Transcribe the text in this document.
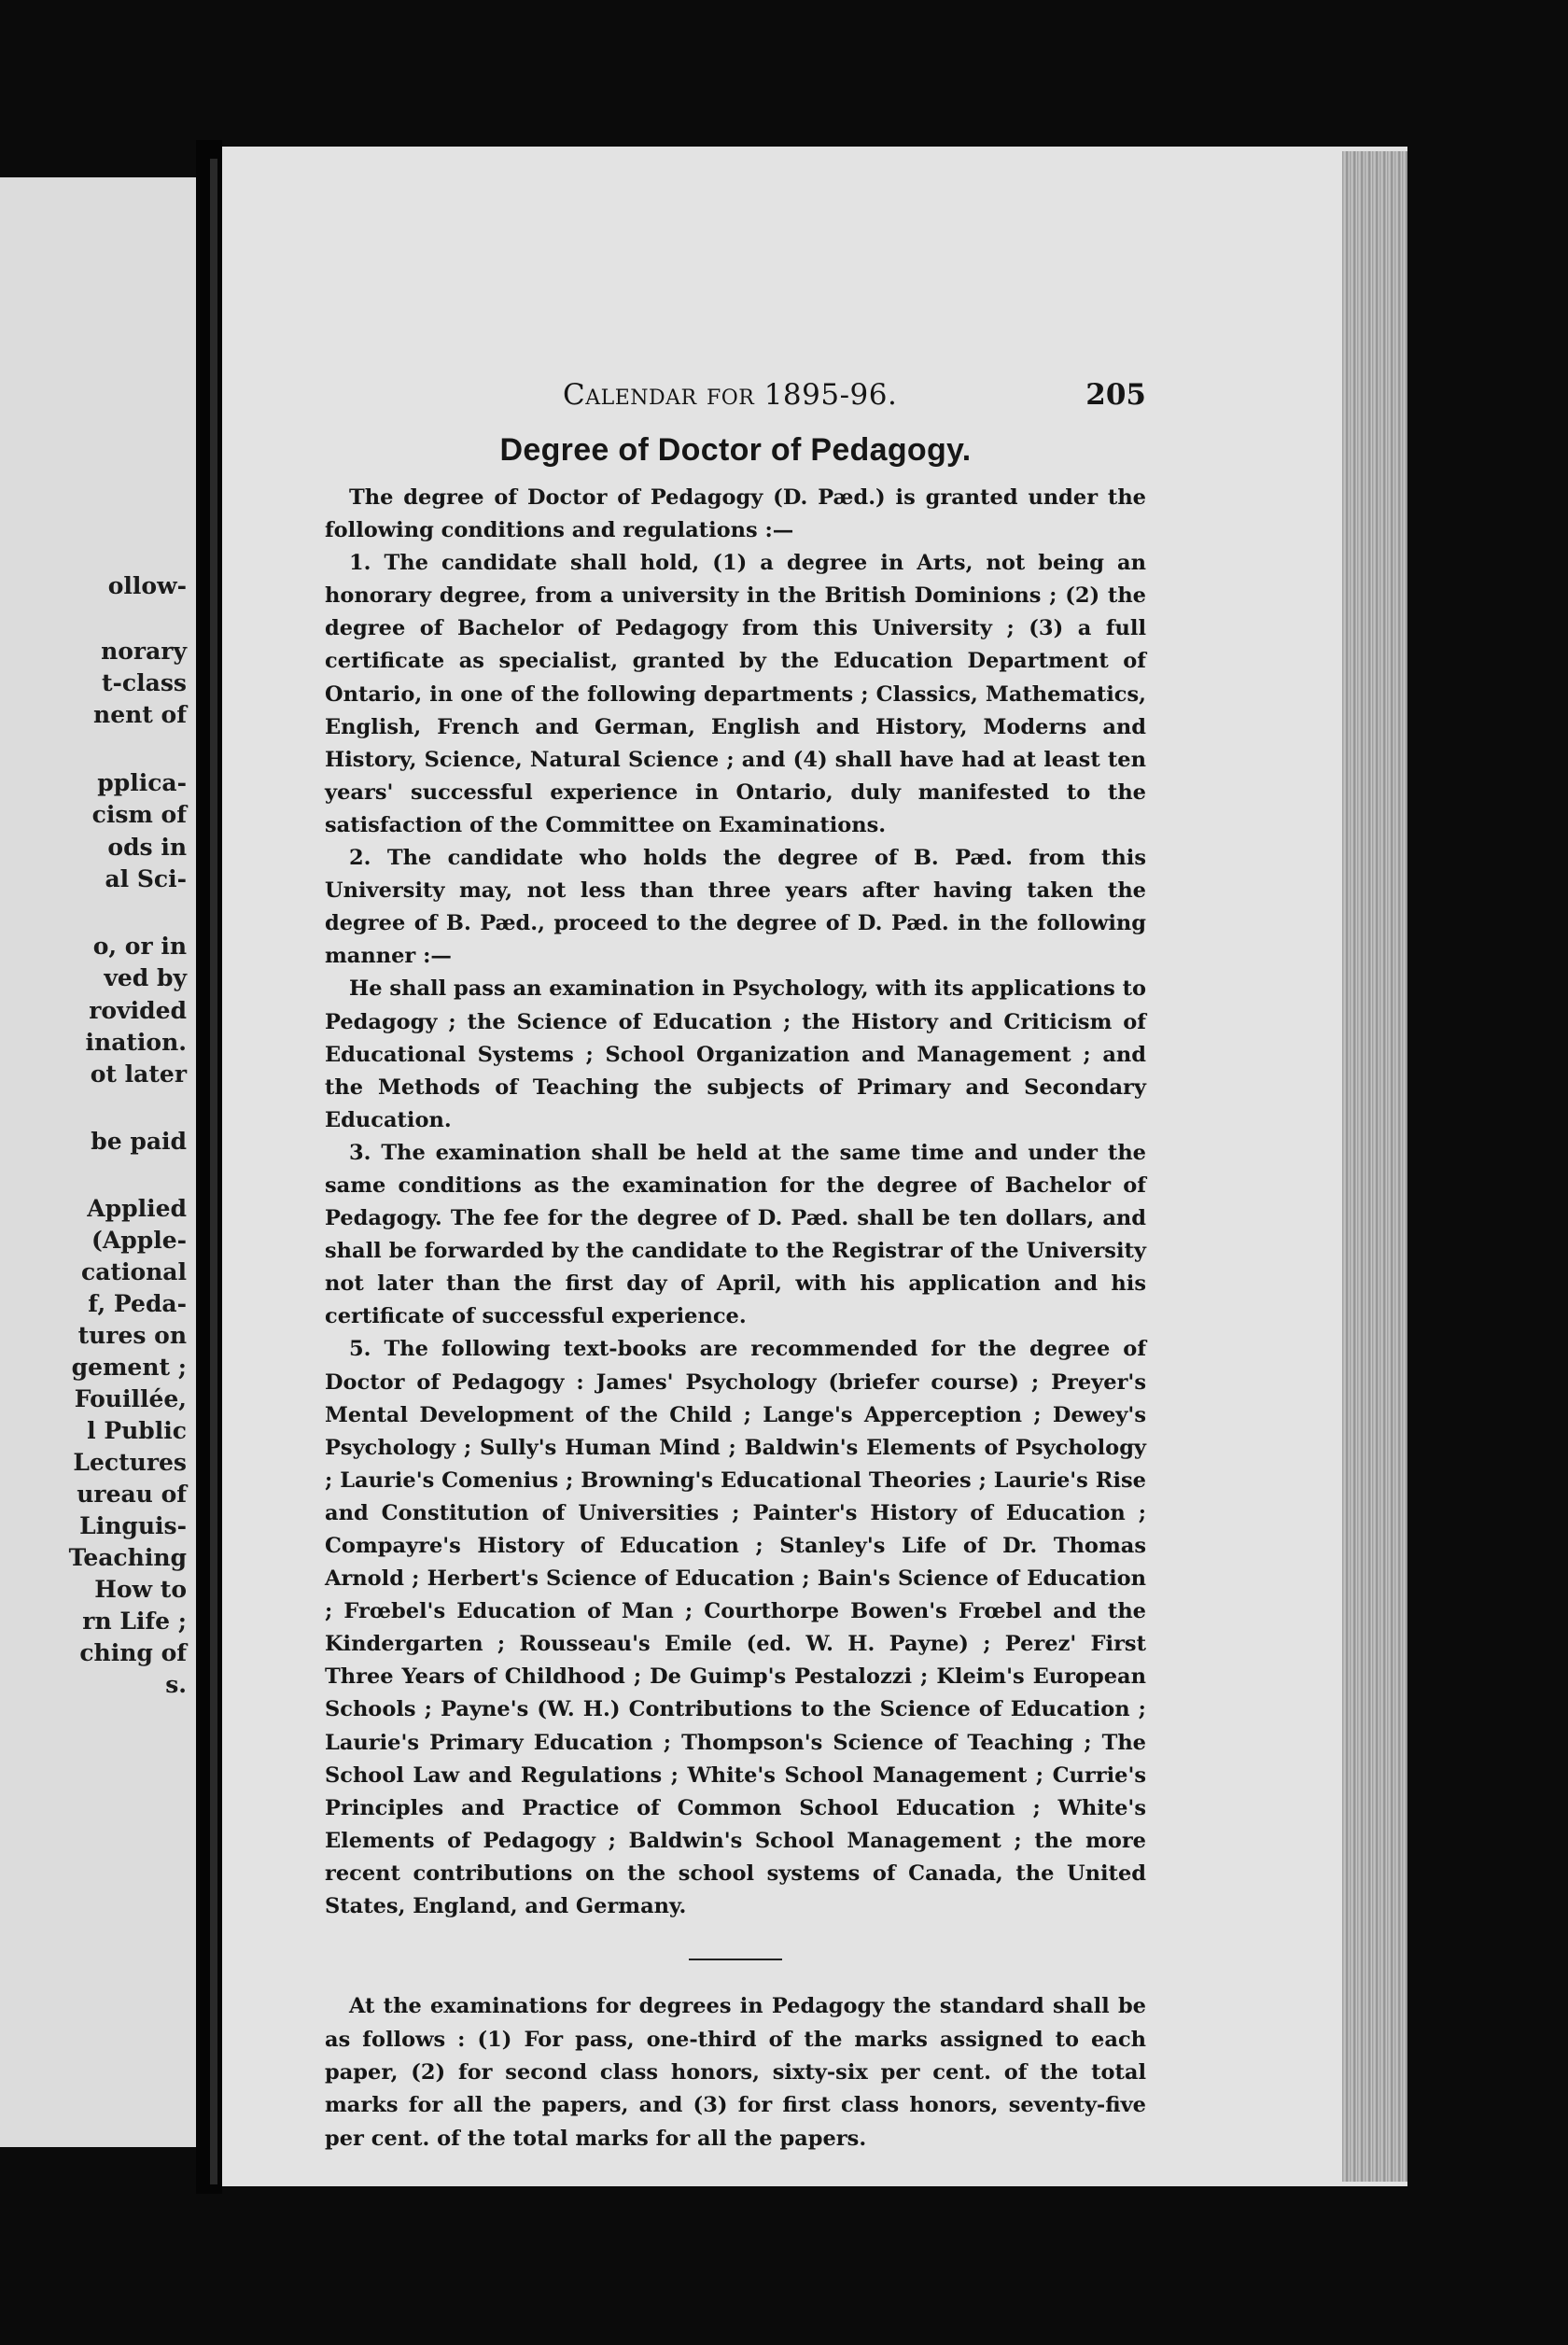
ollow-
norary
t-class
nent of
pplica-
cism of
ods in
al Sci-
o, or in
ved by
rovided
ination.
ot later
be paid
Applied
(Apple-
cational
f, Peda-
tures on
gement ;
Fouillée,
l Public
Lectures
ureau of
Linguis-
Teaching
How to
rn Life ;
ching of
s.
Calendar for 1895-96.	205
Degree of Doctor of Pedagogy.

The degree of Doctor of Pedagogy (D. Pæd.) is granted under the following conditions and regulations :—

1. The candidate shall hold, (1) a degree in Arts, not being an honorary degree, from a university in the British Dominions ; (2) the degree of Bachelor of Pedagogy from this University ; (3) a full certificate as specialist, granted by the Education Department of Ontario, in one of the following departments ; Classics, Mathematics, English, French and German, English and History, Moderns and History, Science, Natural Science ; and (4) shall have had at least ten years' successful experience in Ontario, duly manifested to the satisfaction of the Committee on Examinations.

2. The candidate who holds the degree of B. Pæd. from this University may, not less than three years after having taken the degree of B. Pæd., proceed to the degree of D. Pæd. in the following manner :—

He shall pass an examination in Psychology, with its applications to Pedagogy ; the Science of Education ; the History and Criticism of Educational Systems ; School Organization and Management ; and the Methods of Teaching the subjects of Primary and Secondary Education.

3. The examination shall be held at the same time and under the same conditions as the examination for the degree of Bachelor of Pedagogy. The fee for the degree of D. Pæd. shall be ten dollars, and shall be forwarded by the candidate to the Registrar of the University not later than the first day of April, with his application and his certificate of successful experience.

5. The following text-books are recommended for the degree of Doctor of Pedagogy : James' Psychology (briefer course) ; Preyer's Mental Development of the Child ; Lange's Apperception ; Dewey's Psychology ; Sully's Human Mind ; Baldwin's Elements of Psychology ; Laurie's Comenius ; Browning's Educational Theories ; Laurie's Rise and Constitution of Universities ; Painter's History of Education ; Compayre's History of Education ; Stanley's Life of Dr. Thomas Arnold ; Herbert's Science of Education ; Bain's Science of Education ; Frœbel's Education of Man ; Courthorpe Bowen's Frœbel and the Kindergarten ; Rousseau's Emile (ed. W. H. Payne) ; Perez' First Three Years of Childhood ; De Guimp's Pestalozzi ; Kleim's European Schools ; Payne's (W. H.) Contributions to the Science of Education ; Laurie's Primary Education ; Thompson's Science of Teaching ; The School Law and Regulations ; White's School Management ; Currie's Principles and Practice of Common School Education ; White's Elements of Pedagogy ; Baldwin's School Management ; the more recent contributions on the school systems of Canada, the United States, England, and Germany.

At the examinations for degrees in Pedagogy the standard shall be as follows : (1) For pass, one-third of the marks assigned to each paper, (2) for second class honors, sixty-six per cent. of the total marks for all the papers, and (3) for first class honors, seventy-five per cent. of the total marks for all the papers.
